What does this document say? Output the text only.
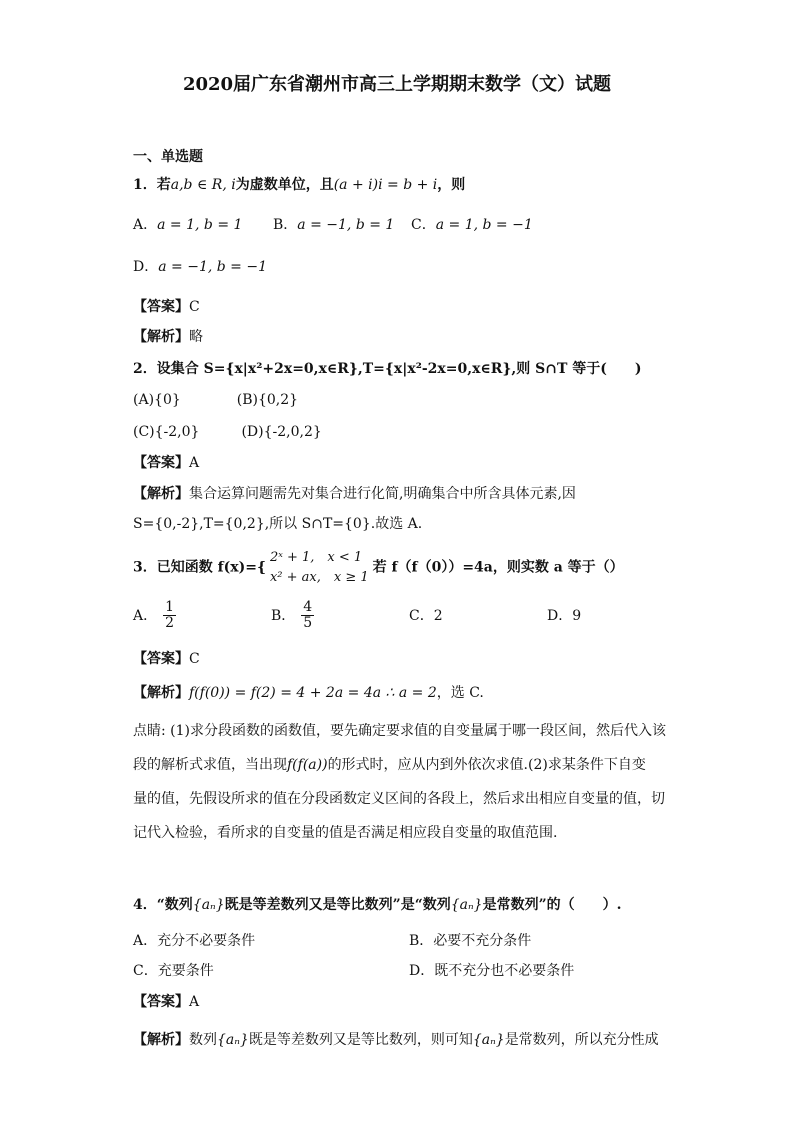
2020届广东省潮州市高三上学期期末数学（文）试题
一、单选题
1．若a,b ∈ R, i为虚数单位，且(a + i)i = b + i，则
A．a = 1, b = 1 B．a = −1, b = 1 C．a = 1, b = −1
D．a = −1, b = −1
【答案】C
【解析】略
2．设集合 S={x|x²+2x=0,x∈R},T={x|x²-2x=0,x∈R},则 S∩T 等于(　　)
(A){0}　　　　(B){0,2}
(C){-2,0}　　　(D){-2,0,2}
【答案】A
【解析】集合运算问题需先对集合进行化简,明确集合中所含具体元素,因
S={0,-2},T={0,2},所以 S∩T={0}.故选 A.
3．已知函数 f(x)={
2ˣ + 1,　x < 1
x² + ax,　x ≥ 1
若 f（f（0））=4a，则实数 a 等于（）
A． $\frac{1}{2}$	B． $\frac{4}{5}$	C．2	D．9
【答案】C
【解析】f(f(0)) = f(2) = 4 + 2a = 4a ∴ a = 2，选 C.
点睛: (1)求分段函数的函数值，要先确定要求值的自变量属于哪一段区间，然后代入该
段的解析式求值，当出现f(f(a))的形式时，应从内到外依次求值.(2)求某条件下自变
量的值，先假设所求的值在分段函数定义区间的各段上，然后求出相应自变量的值，切
记代入检验，看所求的自变量的值是否满足相应段自变量的取值范围.
4．“数列{aₙ}既是等差数列又是等比数列”是“数列{aₙ}是常数列”的（　　）.
A．充分不必要条件	B．必要不充分条件
C．充要条件	D．既不充分也不必要条件
【答案】A
【解析】数列{aₙ}既是等差数列又是等比数列，则可知{aₙ}是常数列，所以充分性成
